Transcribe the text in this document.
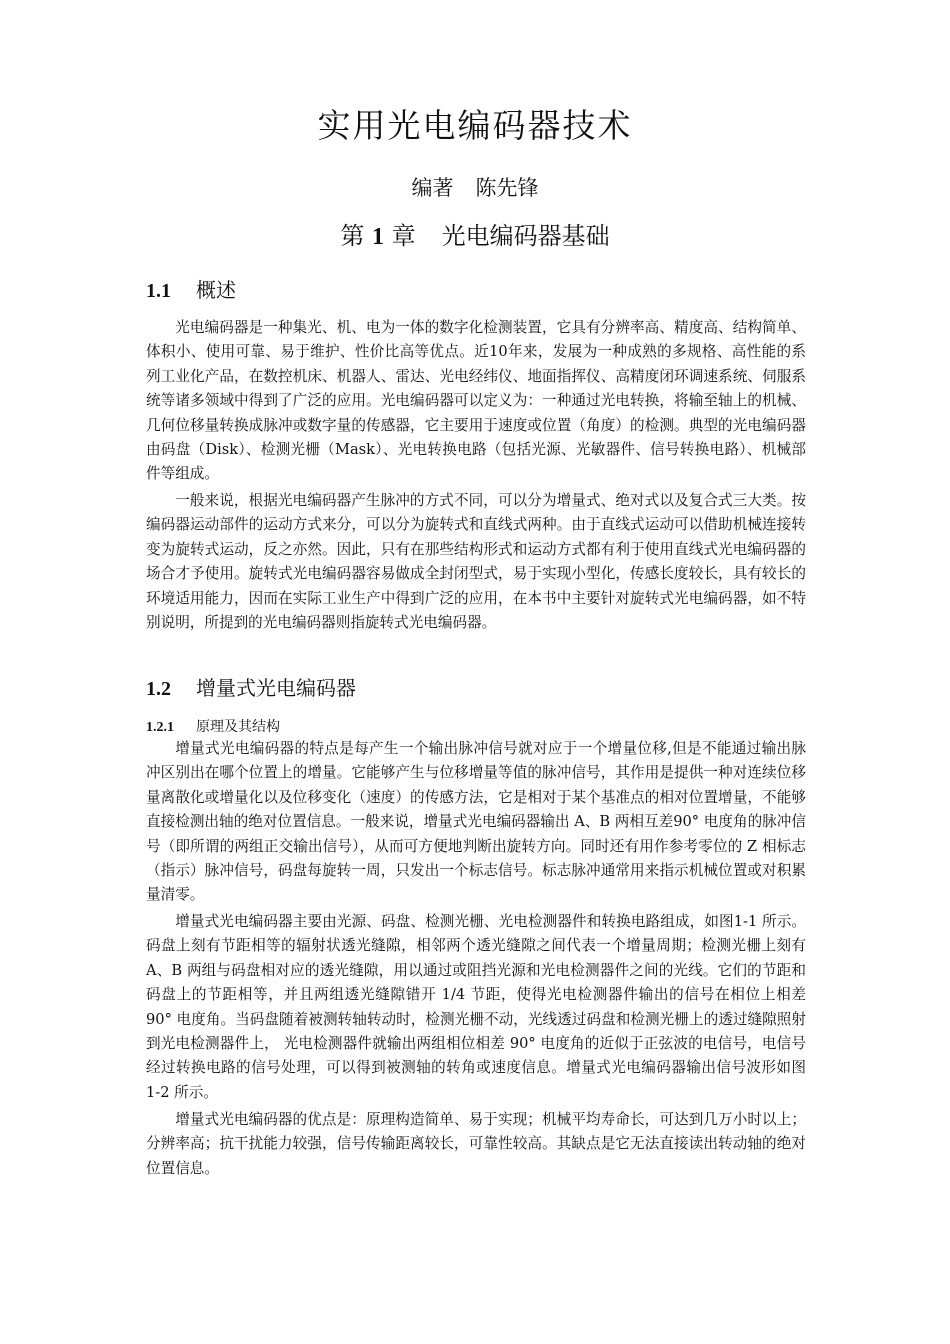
实用光电编码器技术

编著 陈先锋

第 1 章 光电编码器基础
1.1 概述

光电编码器是一种集光、机、电为一体的数字化检测装置，它具有分辨率高、精度高、结构简单、体积小、使用可靠、易于维护、性价比高等优点。近10年来，发展为一种成熟的多规格、高性能的系列工业化产品，在数控机床、机器人、雷达、光电经纬仪、地面指挥仪、高精度闭环调速系统、伺服系统等诸多领域中得到了广泛的应用。光电编码器可以定义为：一种通过光电转换，将输至轴上的机械、几何位移量转换成脉冲或数字量的传感器，它主要用于速度或位置（角度）的检测。典型的光电编码器由码盘（Disk）、检测光栅（Mask）、光电转换电路（包括光源、光敏器件、信号转换电路）、机械部件等组成。

一般来说，根据光电编码器产生脉冲的方式不同，可以分为增量式、绝对式以及复合式三大类。按编码器运动部件的运动方式来分，可以分为旋转式和直线式两种。由于直线式运动可以借助机械连接转变为旋转式运动，反之亦然。因此，只有在那些结构形式和运动方式都有利于使用直线式光电编码器的场合才予使用。旋转式光电编码器容易做成全封闭型式，易于实现小型化，传感长度较长，具有较长的环境适用能力，因而在实际工业生产中得到广泛的应用，在本书中主要针对旋转式光电编码器，如不特别说明，所提到的光电编码器则指旋转式光电编码器。

1.2 增量式光电编码器
1.2.1 原理及其结构

增量式光电编码器的特点是每产生一个输出脉冲信号就对应于一个增量位移,但是不能通过输出脉冲区别出在哪个位置上的增量。它能够产生与位移增量等值的脉冲信号，其作用是提供一种对连续位移量离散化或增量化以及位移变化（速度）的传感方法，它是相对于某个基准点的相对位置增量，不能够直接检测出轴的绝对位置信息。一般来说，增量式光电编码器输出 A、B 两相互差90° 电度角的脉冲信号（即所谓的两组正交输出信号），从而可方便地判断出旋转方向。同时还有用作参考零位的 Z 相标志（指示）脉冲信号，码盘每旋转一周，只发出一个标志信号。标志脉冲通常用来指示机械位置或对积累量清零。

增量式光电编码器主要由光源、码盘、检测光栅、光电检测器件和转换电路组成，如图1-1 所示。码盘上刻有节距相等的辐射状透光缝隙，相邻两个透光缝隙之间代表一个增量周期；检测光栅上刻有 A、B 两组与码盘相对应的透光缝隙，用以通过或阻挡光源和光电检测器件之间的光线。它们的节距和码盘上的节距相等，并且两组透光缝隙错开 1/4 节距，使得光电检测器件输出的信号在相位上相差 90° 电度角。当码盘随着被测转轴转动时，检测光栅不动，光线透过码盘和检测光栅上的透过缝隙照射到光电检测器件上， 光电检测器件就输出两组相位相差 90° 电度角的近似于正弦波的电信号，电信号经过转换电路的信号处理，可以得到被测轴的转角或速度信息。增量式光电编码器输出信号波形如图 1-2 所示。

增量式光电编码器的优点是：原理构造简单、易于实现；机械平均寿命长，可达到几万小时以上；分辨率高；抗干扰能力较强，信号传输距离较长，可靠性较高。其缺点是它无法直接读出转动轴的绝对位置信息。
